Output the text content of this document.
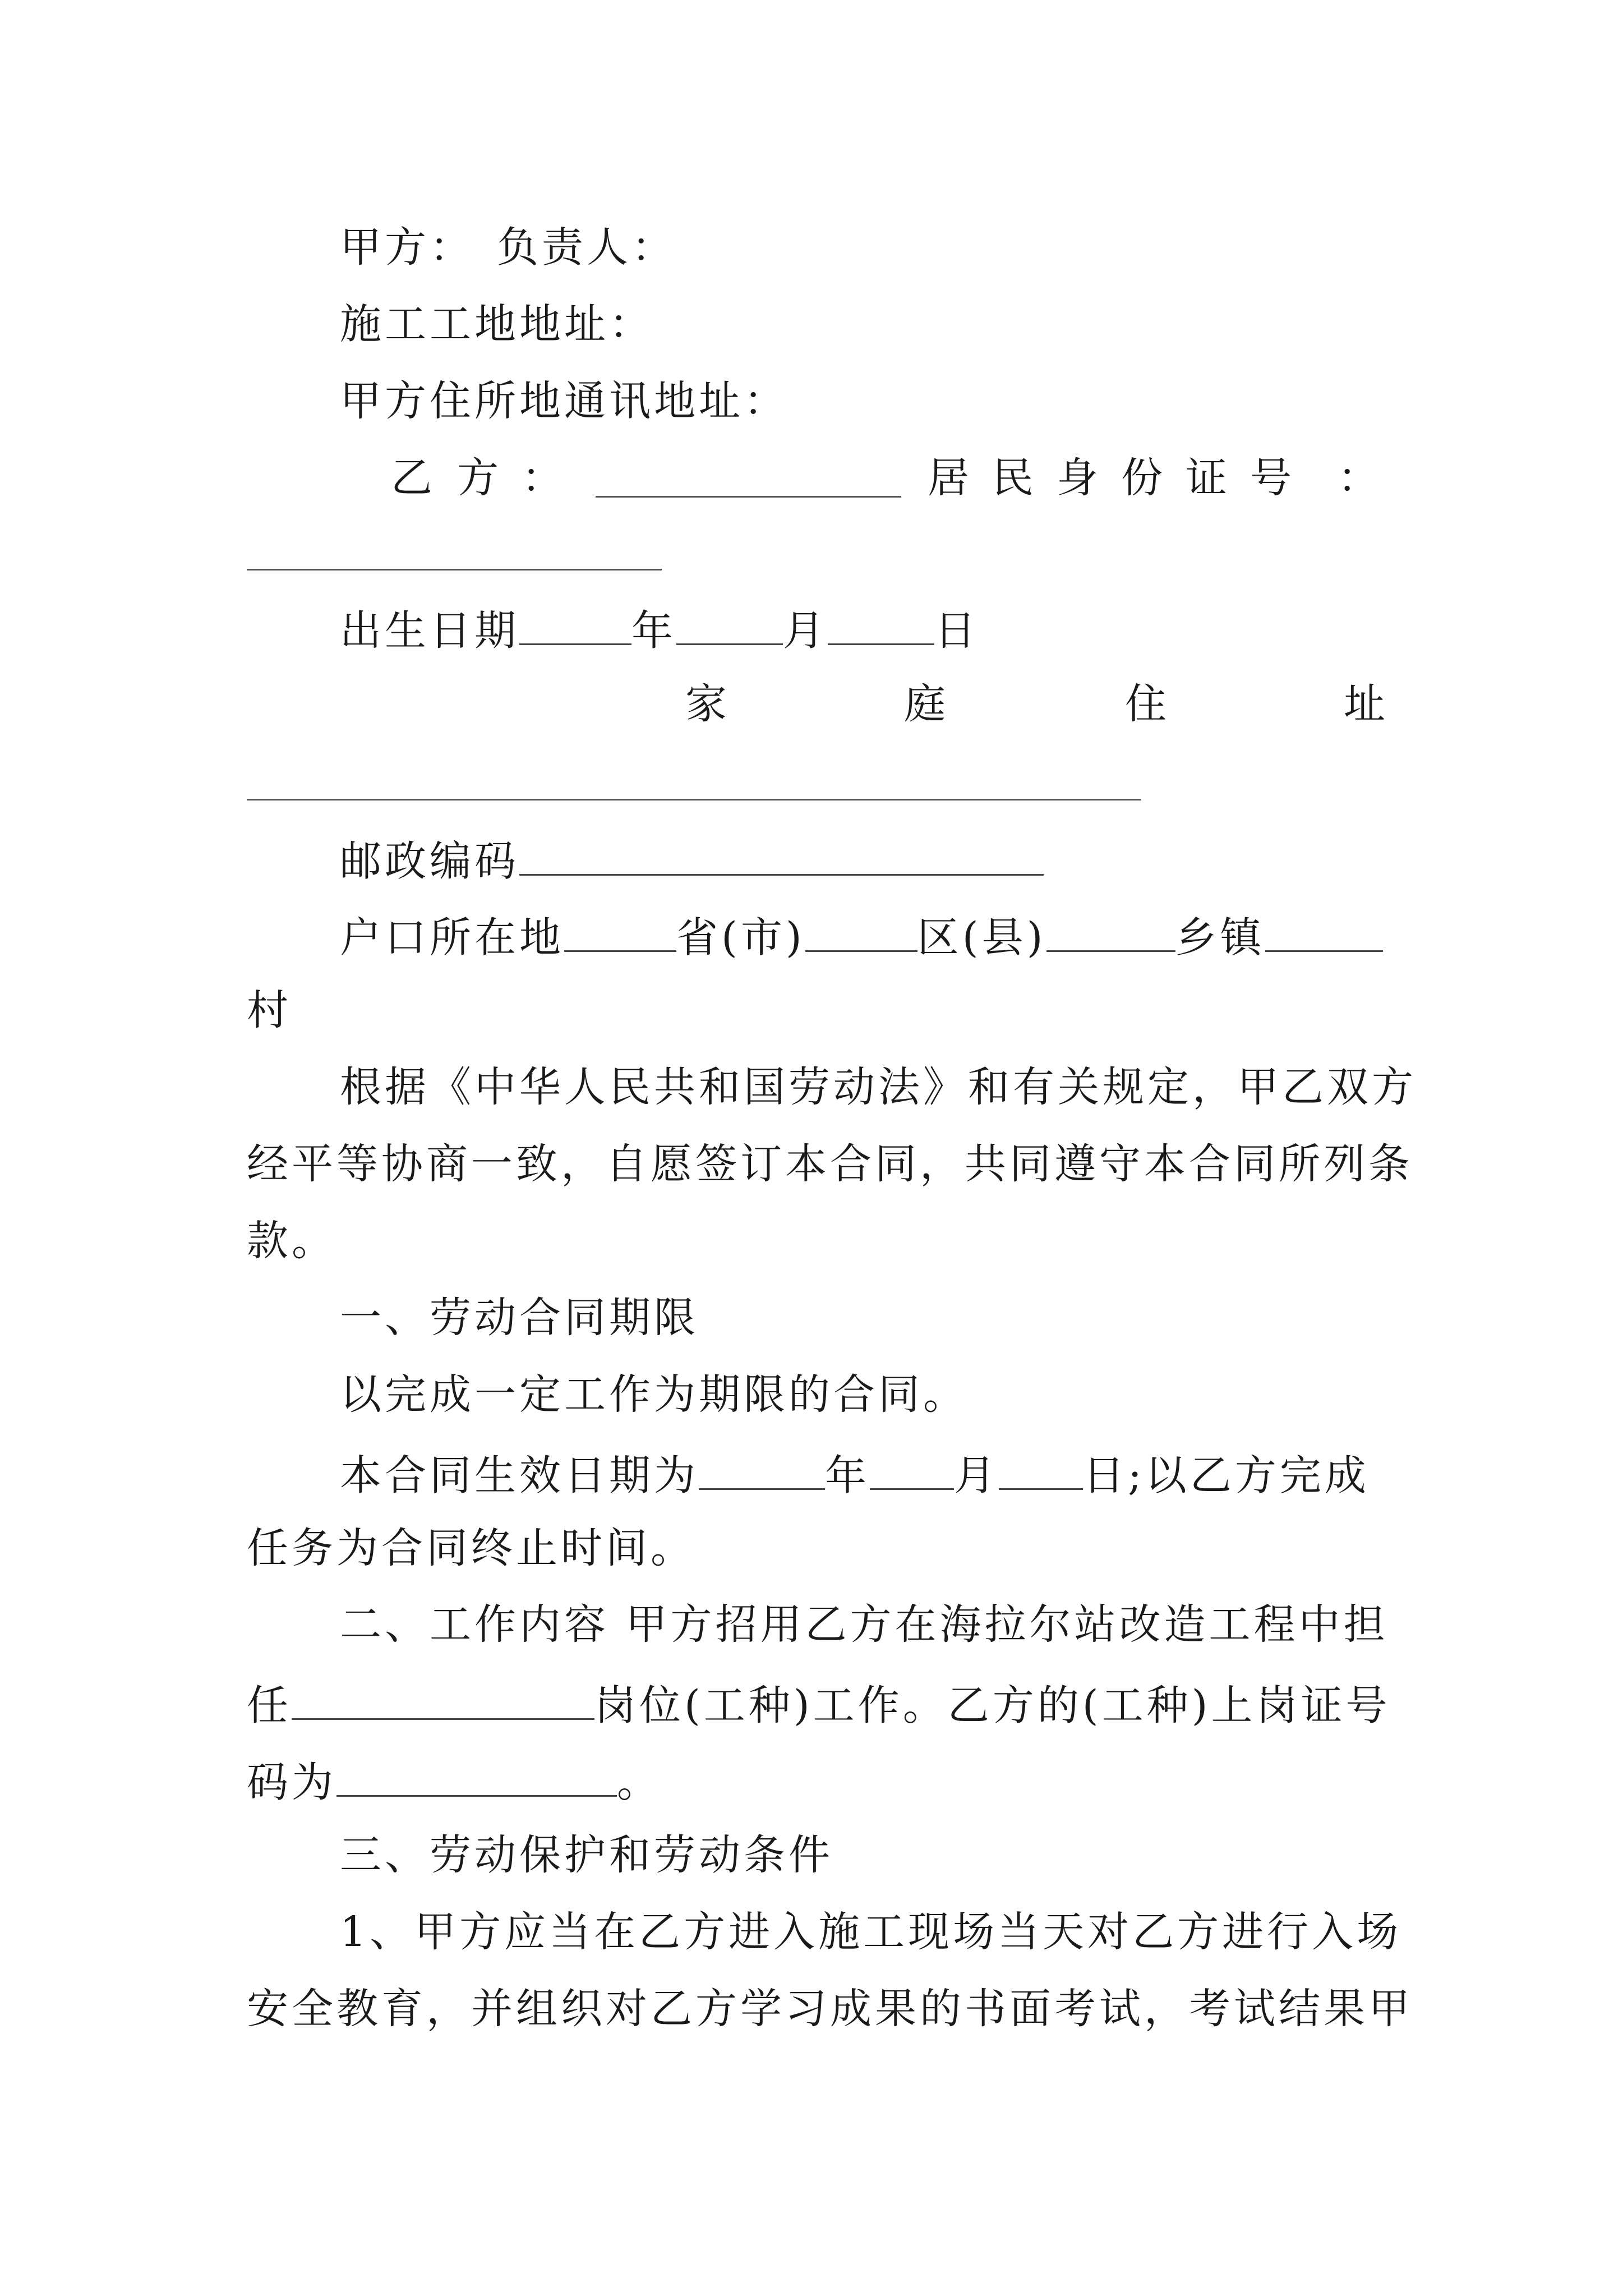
甲方： 负责人：
施工工地地址：
甲方住所地通讯地址：
乙 方 ：	居 民 身 份 证 号 ：
出生日期	年	月	日
家	庭	住	址
邮政编码
户口所在地	省(市)	区(县)	乡镇
村
根据《中华人民共和国劳动法》和有关规定，甲乙双方
经平等协商一致，自愿签订本合同，共同遵守本合同所列条
款。
一、劳动合同期限
以完成一定工作为期限的合同。
本合同生效日期为	年 月 日;以乙方完成
任务为合同终止时间。
二、工作内容 甲方招用乙方在海拉尔站改造工程中担
任	岗位(工种)工作。乙方的(工种)上岗证号
码为	。
三、劳动保护和劳动条件
1、甲方应当在乙方进入施工现场当天对乙方进行入场
安全教育，并组织对乙方学习成果的书面考试，考试结果甲
